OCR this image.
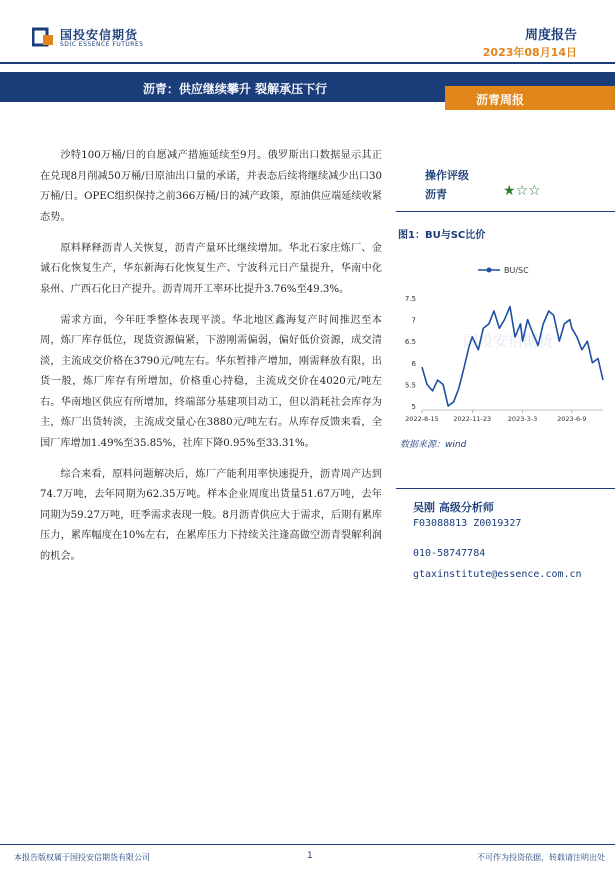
国投安信期货
SDIC ESSENCE FUTURES
周度报告
2023年08月14日
沥青：供应继续攀升 裂解承压下行
沥青周报

沙特100万桶/日的自愿减产措施延续至9月。俄罗斯出口数据显示其正在兑现8月削减50万桶/日原油出口量的承诺，并表态后续将继续减少出口30万桶/日。OPEC组织保持之前366万桶/日的减产政策，原油供应端延续收紧态势。

原料释释沥青人关恢复，沥青产量环比继续增加。华北石家庄炼厂、金诚石化恢复生产，华东新海石化恢复生产、宁波科元日产量提升，华南中化泉州、广西石化日产提升。沥青周开工率环比提升3.76%至49.3%。

需求方面，今年旺季整体表现平淡。华北地区鑫海复产时间推迟至本周，炼厂库存低位，现货资源偏紧，下游刚需偏弱，偏好低价资源，成交清淡，主流成交价格在3790元/吨左右。华东暂排产增加，刚需释放有限，出货一般，炼厂库存有所增加，价格重心持稳，主流成交价在4020元/吨左右。华南地区供应有所增加，终端部分基建项目动工，但以消耗社会库存为主，炼厂出货转淡，主流成交量心在3880元/吨左右。从库存反馈来看，全国厂库增加1.49%至35.85%，社库下降0.95%至33.31%。

综合来看，原料问题解决后，炼厂产能利用率快速提升，沥青周产达到74.7万吨，去年同期为62.35万吨。样本企业周度出货量51.67万吨，去年同期为59.27万吨，旺季需求表现一般。8月沥青供应大于需求，后期有累库压力，累库幅度在10%左右，在累库压力下持续关注逢高做空沥青裂解利润的机会。

操作评级
沥青	★☆☆
图1：BU与SC比价
国投安信期货
BU/SC
5
5.5
6
6.5
7
7.5
2022-8-15 2022-11-23	2023-3-3	2023-6-9
数据来源：wind
吴刚 高级分析师
F03088813 Z0019327
010-58747784
gtaxinstitute@essence.com.cn
本报告版权属于国投安信期货有限公司	1	不可作为投资依据，转载请注明出处
